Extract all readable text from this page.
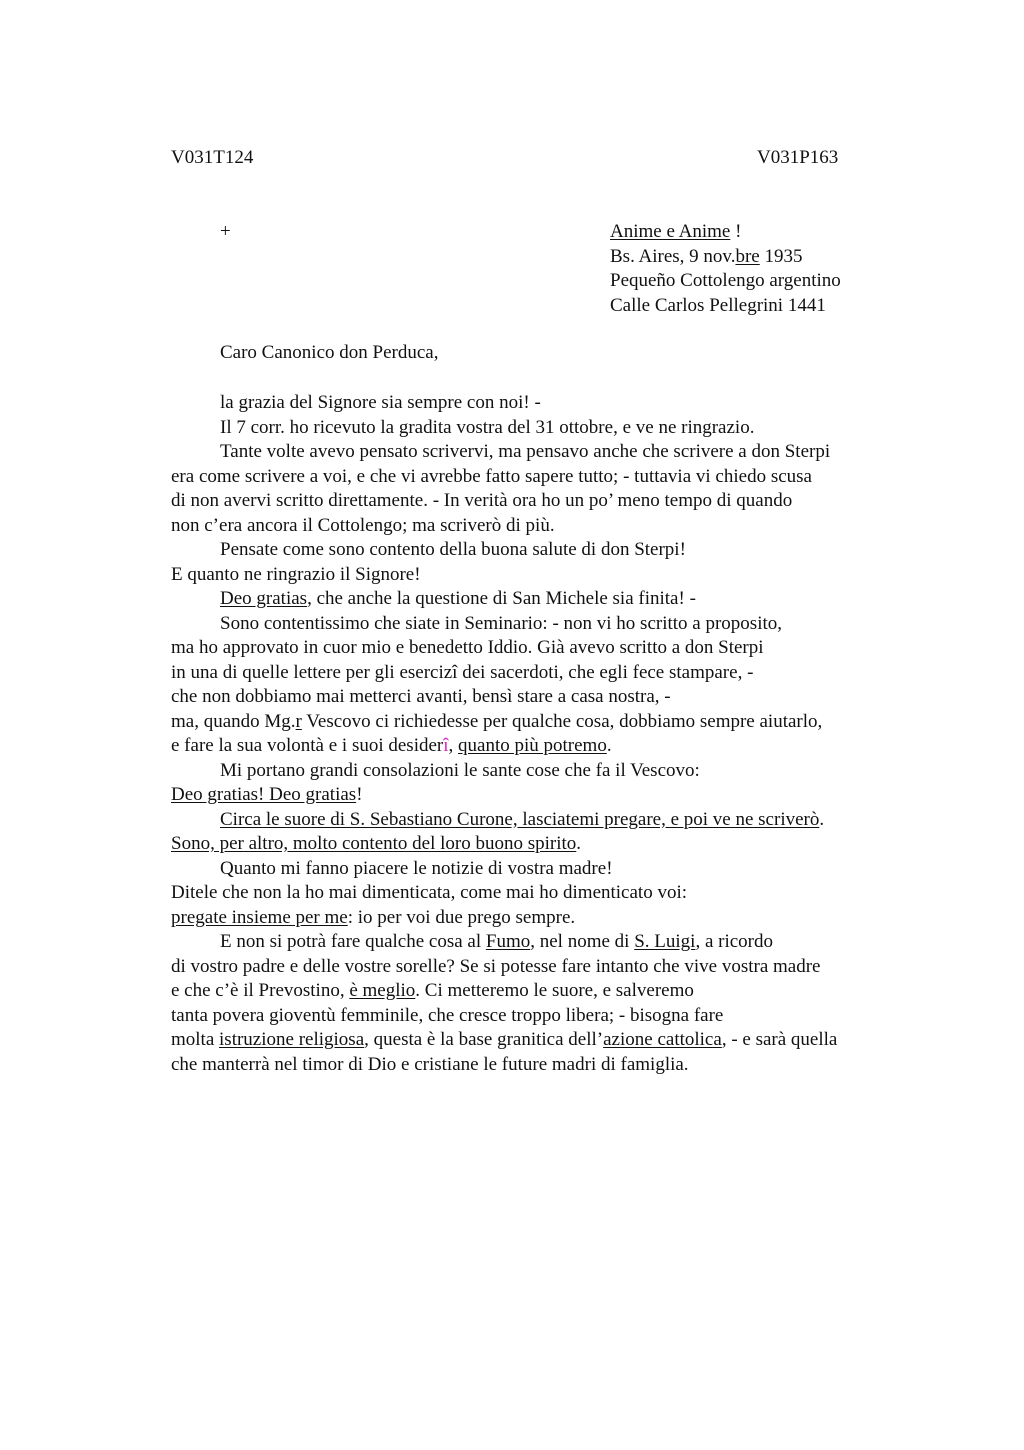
V031T124	V031P163
+	Anime e Anime !
Bs. Aires, 9 nov.bre 1935
Pequeño Cottolengo argentino
Calle Carlos Pellegrini 1441
Caro Canonico don Perduca,
la grazia del Signore sia sempre con noi! -
Il 7 corr. ho ricevuto la gradita vostra del 31 ottobre, e ve ne ringrazio.
Tante volte avevo pensato scrivervi, ma pensavo anche che scrivere a don Sterpi
era come scrivere a voi, e che vi avrebbe fatto sapere tutto; - tuttavia vi chiedo scusa
di non avervi scritto direttamente. - In verità ora ho un po’ meno tempo di quando
non c’era ancora il Cottolengo; ma scriverò di più.
Pensate come sono contento della buona salute di don Sterpi!
E quanto ne ringrazio il Signore!
Deo gratias, che anche la questione di San Michele sia finita! -
Sono contentissimo che siate in Seminario: - non vi ho scritto a proposito,
ma ho approvato in cuor mio e benedetto Iddio. Già avevo scritto a don Sterpi
in una di quelle lettere per gli esercizî dei sacerdoti, che egli fece stampare, -
che non dobbiamo mai metterci avanti, bensì stare a casa nostra, -
ma, quando Mg.r Vescovo ci richiedesse per qualche cosa, dobbiamo sempre aiutarlo,
e fare la sua volontà e i suoi desiderî, quanto più potremo.
Mi portano grandi consolazioni le sante cose che fa il Vescovo:
Deo gratias! Deo gratias!
Circa le suore di S. Sebastiano Curone, lasciatemi pregare, e poi ve ne scriverò.
Sono, per altro, molto contento del loro buono spirito.
Quanto mi fanno piacere le notizie di vostra madre!
Ditele che non la ho mai dimenticata, come mai ho dimenticato voi:
pregate insieme per me: io per voi due prego sempre.
E non si potrà fare qualche cosa al Fumo, nel nome di S. Luigi, a ricordo
di vostro padre e delle vostre sorelle? Se si potesse fare intanto che vive vostra madre
e che c’è il Prevostino, è meglio. Ci metteremo le suore, e salveremo
tanta povera gioventù femminile, che cresce troppo libera; - bisogna fare
molta istruzione religiosa, questa è la base granitica dell’azione cattolica, - e sarà quella
che manterrà nel timor di Dio e cristiane le future madri di famiglia.
